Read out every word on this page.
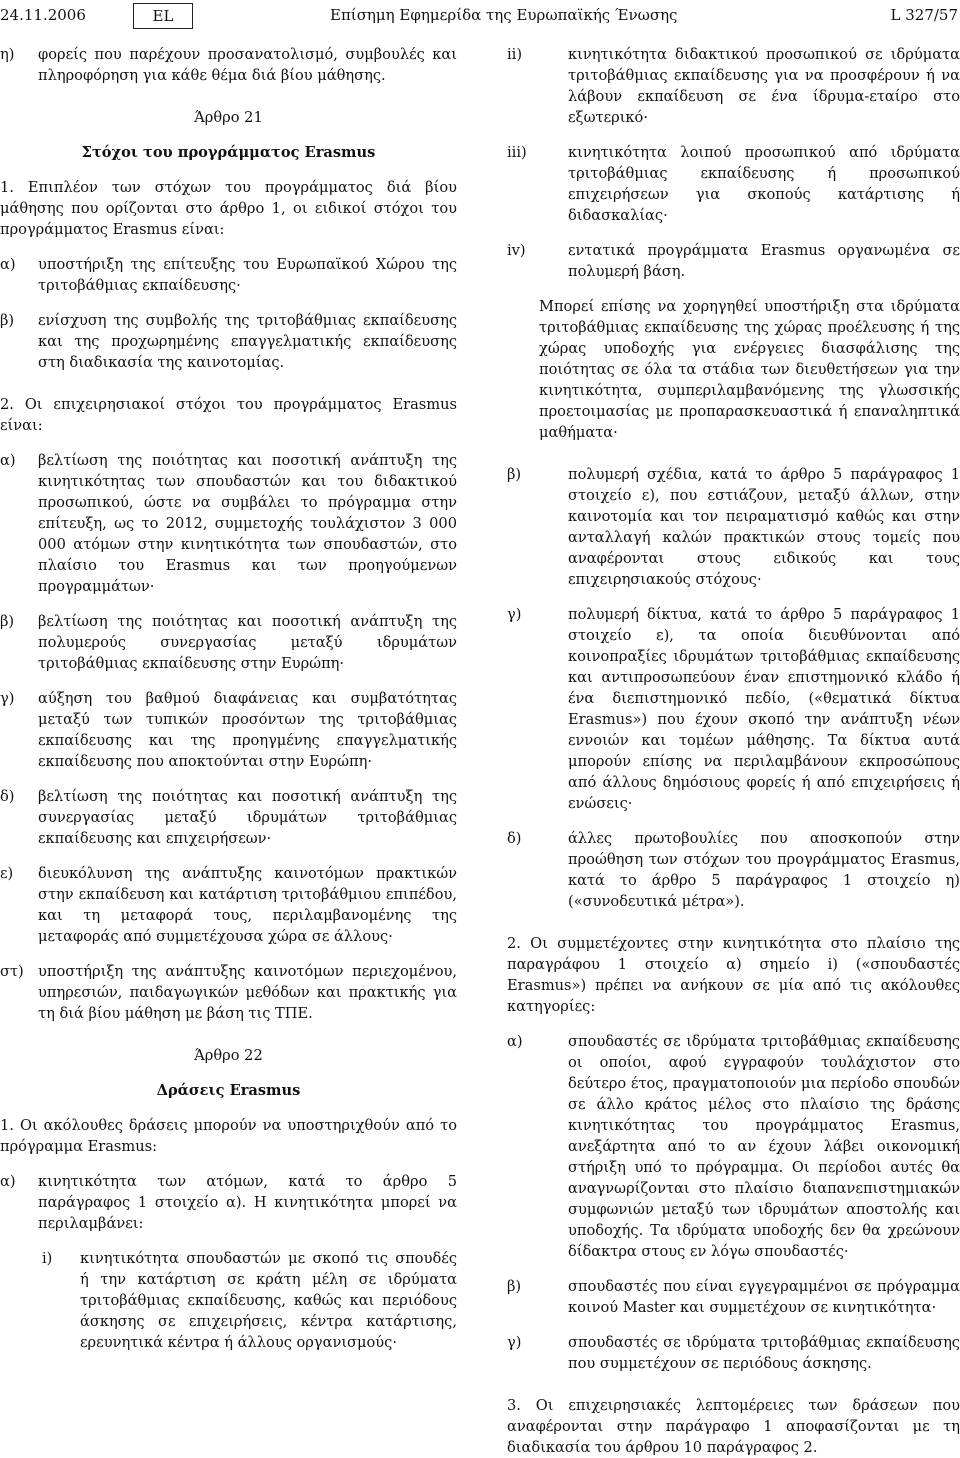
24.11.2006	EL	Επίσημη Εφημερίδα της Ευρωπαϊκής Ένωσης	L 327/57
η) φορείς που παρέχουν προσανατολισμό, συμβουλές και πληροφόρηση για κάθε θέμα διά βίου μάθησης.

Άρθρο 21

Στόχοι του προγράμματος Erasmus

1. Επιπλέον των στόχων του προγράμματος διά βίου μάθησης που ορίζονται στο άρθρο 1, οι ειδικοί στόχοι του προγράμματος Erasmus είναι:

α) υποστήριξη της επίτευξης του Ευρωπαϊκού Χώρου της τριτοβάθμιας εκπαίδευσης·

β) ενίσχυση της συμβολής της τριτοβάθμιας εκπαίδευσης και της προχωρημένης επαγγελματικής εκπαίδευσης στη διαδικασία της καινοτομίας.

2. Οι επιχειρησιακοί στόχοι του προγράμματος Erasmus είναι:

α) βελτίωση της ποιότητας και ποσοτική ανάπτυξη της κινητικότητας των σπουδαστών και του διδακτικού προσωπικού, ώστε να συμβάλει το πρόγραμμα στην επίτευξη, ως το 2012, συμμετοχής τουλάχιστον 3 000 000 ατόμων στην κινητικότητα των σπουδαστών, στο πλαίσιο του Erasmus και των προηγούμενων προγραμμάτων·

β) βελτίωση της ποιότητας και ποσοτική ανάπτυξη της πολυμερούς συνεργασίας μεταξύ ιδρυμάτων τριτοβάθμιας εκπαίδευσης στην Ευρώπη·

γ) αύξηση του βαθμού διαφάνειας και συμβατότητας μεταξύ των τυπικών προσόντων της τριτοβάθμιας εκπαίδευσης και της προηγμένης επαγγελματικής εκπαίδευσης που αποκτούνται στην Ευρώπη·

δ) βελτίωση της ποιότητας και ποσοτική ανάπτυξη της συνεργασίας μεταξύ ιδρυμάτων τριτοβάθμιας εκπαίδευσης και επιχειρήσεων·

ε) διευκόλυνση της ανάπτυξης καινοτόμων πρακτικών στην εκπαίδευση και κατάρτιση τριτοβάθμιου επιπέδου, και τη μεταφορά τους, περιλαμβανομένης της μεταφοράς από συμμετέχουσα χώρα σε άλλους·

στ) υποστήριξη της ανάπτυξης καινοτόμων περιεχομένου, υπηρεσιών, παιδαγωγικών μεθόδων και πρακτικής για τη διά βίου μάθηση με βάση τις ΤΠΕ.

Άρθρο 22

Δράσεις Erasmus

1. Οι ακόλουθες δράσεις μπορούν να υποστηριχθούν από το πρόγραμμα Erasmus:

α) κινητικότητα των ατόμων, κατά το άρθρο 5 παράγραφος 1 στοιχείο α). Η κινητικότητα μπορεί να περιλαμβάνει:

i) κινητικότητα σπουδαστών με σκοπό τις σπουδές ή την κατάρτιση σε κράτη μέλη σε ιδρύματα τριτοβάθμιας εκπαίδευσης, καθώς και περιόδους άσκησης σε επιχειρήσεις, κέντρα κατάρτισης, ερευνητικά κέντρα ή άλλους οργανισμούς·

ii)	κινητικότητα διδακτικού προσωπικού σε ιδρύματα τριτοβάθμιας εκπαίδευσης για να προσφέρουν ή να λάβουν εκπαίδευση σε ένα ίδρυμα-εταίρο στο εξωτερικό·

iii)	κινητικότητα λοιπού προσωπικού από ιδρύματα τριτοβάθμιας εκπαίδευσης ή προσωπικού επιχειρήσεων για σκοπούς κατάρτισης ή διδασκαλίας·

iv)	εντατικά προγράμματα Erasmus οργανωμένα σε πολυμερή βάση.

Μπορεί επίσης να χορηγηθεί υποστήριξη στα ιδρύματα τριτοβάθμιας εκπαίδευσης της χώρας προέλευσης ή της χώρας υποδοχής για ενέργειες διασφάλισης της ποιότητας σε όλα τα στάδια των διευθετήσεων για την κινητικότητα, συμπεριλαμβανόμενης της γλωσσικής προετοιμασίας με προπαρασκευαστικά ή επαναληπτικά μαθήματα·

β)	πολυμερή σχέδια, κατά το άρθρο 5 παράγραφος 1 στοιχείο ε), που εστιάζουν, μεταξύ άλλων, στην καινοτομία και τον πειραματισμό καθώς και στην ανταλλαγή καλών πρακτικών στους τομείς που αναφέρονται στους ειδικούς και τους επιχειρησιακούς στόχους·

γ)	πολυμερή δίκτυα, κατά το άρθρο 5 παράγραφος 1 στοιχείο ε), τα οποία διευθύνονται από κοινοπραξίες ιδρυμάτων τριτοβάθμιας εκπαίδευσης και αντιπροσωπεύουν έναν επιστημονικό κλάδο ή ένα διεπιστημονικό πεδίο, («θεματικά δίκτυα Erasmus») που έχουν σκοπό την ανάπτυξη νέων εννοιών και τομέων μάθησης. Τα δίκτυα αυτά μπορούν επίσης να περιλαμβάνουν εκπροσώπους από άλλους δημόσιους φορείς ή από επιχειρήσεις ή ενώσεις·

δ)	άλλες πρωτοβουλίες που αποσκοπούν στην προώθηση των στόχων του προγράμματος Erasmus, κατά το άρθρο 5 παράγραφος 1 στοιχείο η) («συνοδευτικά μέτρα»).

2. Οι συμμετέχοντες στην κινητικότητα στο πλαίσιο της παραγράφου 1 στοιχείο α) σημείο i) («σπουδαστές Erasmus») πρέπει να ανήκουν σε μία από τις ακόλουθες κατηγορίες:

α)	σπουδαστές σε ιδρύματα τριτοβάθμιας εκπαίδευσης οι οποίοι, αφού εγγραφούν τουλάχιστον στο δεύτερο έτος, πραγματοποιούν μια περίοδο σπουδών σε άλλο κράτος μέλος στο πλαίσιο της δράσης κινητικότητας του προγράμματος Erasmus, ανεξάρτητα από το αν έχουν λάβει οικονομική στήριξη υπό το πρόγραμμα. Οι περίοδοι αυτές θα αναγνωρίζονται στο πλαίσιο διαπανεπιστημιακών συμφωνιών μεταξύ των ιδρυμάτων αποστολής και υποδοχής. Τα ιδρύματα υποδοχής δεν θα χρεώνουν δίδακτρα στους εν λόγω σπουδαστές·

β)	σπουδαστές που είναι εγγεγραμμένοι σε πρόγραμμα κοινού Master και συμμετέχουν σε κινητικότητα·

γ)	σπουδαστές σε ιδρύματα τριτοβάθμιας εκπαίδευσης που συμμετέχουν σε περιόδους άσκησης.

3. Οι επιχειρησιακές λεπτομέρειες των δράσεων που αναφέρονται στην παράγραφο 1 αποφασίζονται με τη διαδικασία του άρθρου 10 παράγραφος 2.
